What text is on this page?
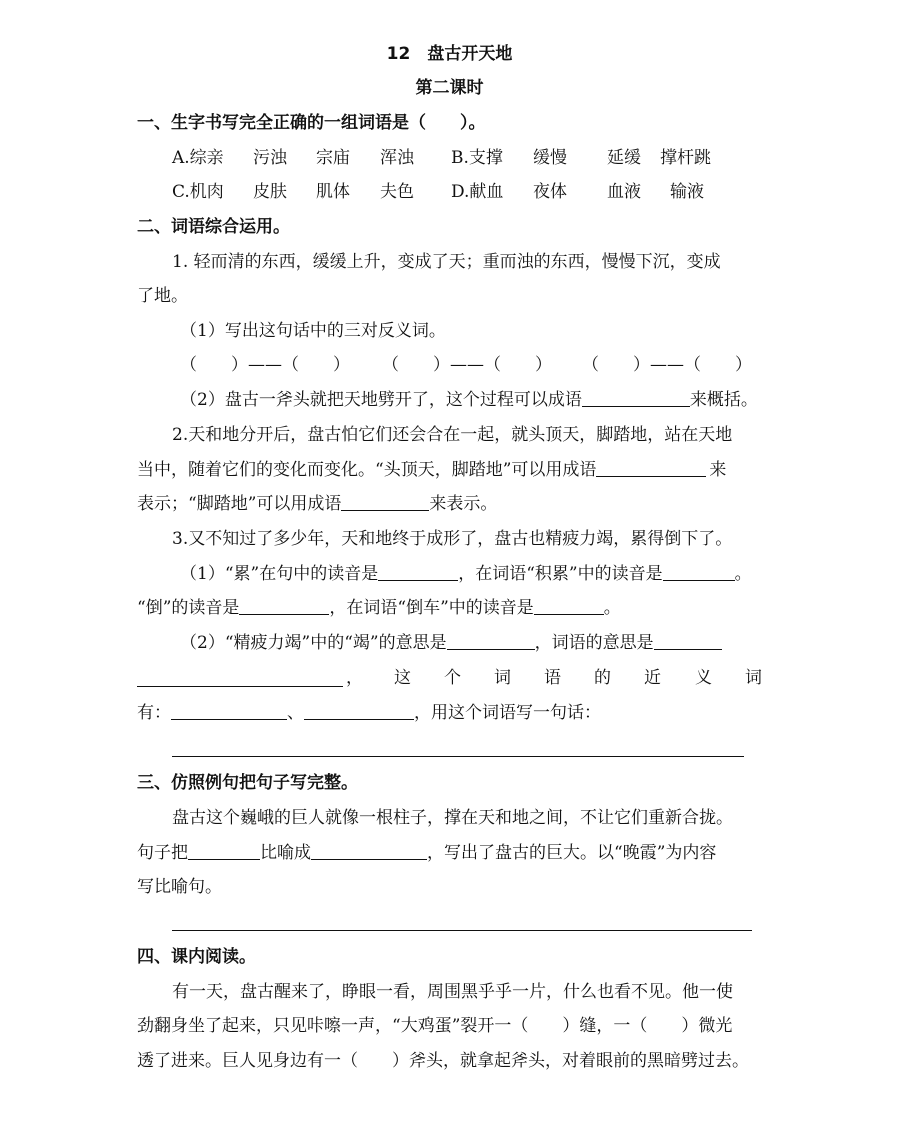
12　盘古开天地
第二课时
一、生字书写完全正确的一组词语是（　　）。
A.综亲 污浊 宗庙 浑浊 B.支撑 缓慢 延缓 撑杆跳
C.机肉 皮肤 肌体 夫色 D.献血 夜体 血液 输液
二、词语综合运用。
1. 轻而清的东西，缓缓上升，变成了天；重而浊的东西，慢慢下沉，变成
了地。
（1）写出这句话中的三对反义词。
（　　）——（　　） （　　）——（　　） （　　）——（　　）
（2）盘古一斧头就把天地劈开了，这个过程可以成语	来概括。
2.天和地分开后，盘古怕它们还会合在一起，就头顶天，脚踏地，站在天地
当中，随着它们的变化而变化。“头顶天，脚踏地”可以用成语	来
表示；“脚踏地”可以用成语	来表示。
3.又不知过了多少年，天和地终于成形了，盘古也精疲力竭，累得倒下了。
（1）“累”在句中的读音是	，在词语“积累”中的读音是	。
“倒”的读音是	，在词语“倒车”中的读音是	。
（2）“精疲力竭”中的“竭”的意思是	，词语的意思是
， 这 个 词 语 的 近 义 词
有：	、	，用这个词语写一句话：
三、仿照例句把句子写完整。
盘古这个巍峨的巨人就像一根柱子，撑在天和地之间，不让它们重新合拢。
句子把	比喻成	，写出了盘古的巨大。以“晚霞”为内容
写比喻句。
四、课内阅读。
有一天，盘古醒来了，睁眼一看，周围黑乎乎一片，什么也看不见。他一使
劲翻身坐了起来，只见咔嚓一声，“大鸡蛋”裂开一（　　）缝，一（　　）微光
透了进来。巨人见身边有一（　　）斧头，就拿起斧头，对着眼前的黑暗劈过去。
